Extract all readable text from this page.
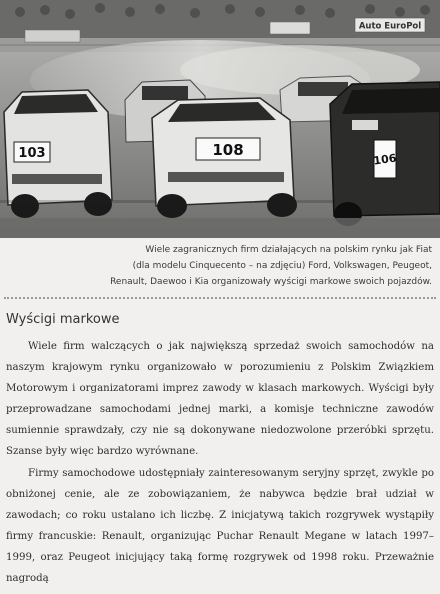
Auto EuroPol
103	108
106

Wiele zagranicznych firm działających na polskim rynku jak Fiat
(dla modelu Cinquecento – na zdjęciu) Ford, Volkswagen, Peugeot,
Renault, Daewoo i Kia organizowały wyścigi markowe swoich pojazdów.

Wyścigi markowe

Wiele firm walczących o jak największą sprzedaż swoich samochodów na naszym krajowym rynku organizowało w porozumieniu z Polskim Związkiem Motorowym i organizatorami imprez zawody w klasach markowych. Wyścigi były przeprowadzane samochodami jednej marki, a komisje techniczne zawodów sumiennie sprawdzały, czy nie są dokonywane niedozwolone przeróbki sprzętu. Szanse były więc bardzo wyrównane.

Firmy samochodowe udostępniały zainteresowanym seryjny sprzęt, zwykle po obniżonej cenie, ale ze zobowiązaniem, że nabywca będzie brał udział w zawodach; co roku ustalano ich liczbę. Z inicjatywą takich rozgrywek wystąpiły firmy francuskie: Renault, organizując Puchar Renault Megane w latach 1997–1999, oraz Peugeot inicjujący taką formę rozgrywek od 1998 roku. Przeważnie nagrodą
